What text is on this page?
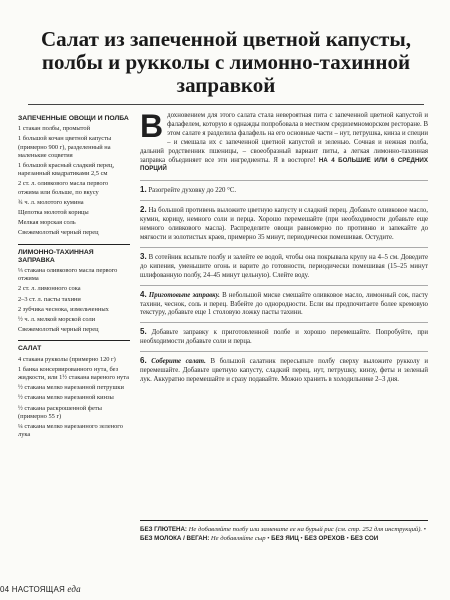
Салат из запеченной цветной капусты, полбы и рукколы с лимонно-тахинной заправкой
ЗАПЕЧЕННЫЕ ОВОЩИ И ПОЛБА
1 стакан полбы, промытой
1 большой кочан цветной капусты (примерно 900 г), разделенный на маленькие соцветия
1 большой красный сладкий перец, нарезанный квадратиками 2,5 см
2 ст. л. оливкового масла первого отжима или больше, по вкусу
¾ ч. л. молотого кумина
Щепотка молотой корицы
Мелкая морская соль
Свежемолотый черный перец
ЛИМОННО-ТАХИННАЯ ЗАПРАВКА
⅓ стакана оливкового масла первого отжима
2 ст. л. лимонного сока
2–3 ст. л. пасты тахини
2 зубчика чеснока, измельченных
½ ч. л. мелкой морской соли
Свежемолотый черный перец
САЛАТ
4 стакана рукколы (примерно 120 г)
1 банка консервированного нута, без жидкости, или 1½ стакана вареного нута
½ стакана мелко нарезанной петрушки
½ стакана мелко нарезанной кинзы
½ стакана раскрошенной феты (примерно 55 г)
¼ стакана мелко нарезанного зеленого лука
Вдохновением для этого салата стала невероятная пита с запеченной цветной капустой и фалафелем, которую я однажды попробовала в местном средиземноморском ресторане. В этом салате я разделила фалафель на его основные части – нут, петрушка, кинза и специи – и смешала их с запеченной цветной капустой и зеленью. Сочная и нежная полба, дальний родственник пшеницы, – своеобразный вариант питы, а легкая лимонно-тахинная заправка объединяет все эти ингредиенты. Я в восторге! НА 4 БОЛЬШИЕ ИЛИ 6 СРЕДНИХ ПОРЦИЙ
1. Разогрейте духовку до 220 °С.
2. На большой противень выложите цветную капусту и сладкий перец. Добавьте оливковое масло, кумин, корицу, немного соли и перца. Хорошо перемешайте (при необходимости добавьте еще немного оливкового масла). Распределите овощи равномерно по противню и запекайте до мягкости и золотистых краев, примерно 35 минут, периодически помешивая. Остудите.
3. В сотейник всыпьте полбу и залейте ее водой, чтобы она покрывала крупу на 4–5 см. Доведите до кипения, уменьшите огонь и варите до готовности, периодически помешивая (15–25 минут шлифованную полбу, 24–45 минут цельную). Слейте воду.
4. Приготовьте заправку. В небольшой миске смешайте оливковое масло, лимонный сок, пасту тахини, чеснок, соль и перец. Взбейте до однородности. Если вы предпочитаете более кремовую текстуру, добавьте еще 1 столовую ложку пасты тахини.
5. Добавьте заправку к приготовленной полбе и хорошо перемешайте. Попробуйте, при необходимости добавьте соли и перца.
6. Соберите салат. В большой салатник пересыпьте полбу сверху выложите рукколу и перемешайте. Добавьте цветную капусту, сладкий перец, нут, петрушку, кинзу, феты и зеленый лук. Аккуратно перемешайте и сразу подавайте. Можно хранить в холодильнике 2–3 дня.
БЕЗ ГЛЮТЕНА: Не добавляйте полбу или замените ее на бурый рис (см. стр. 252 для инструкций). • БЕЗ МОЛОКА / ВЕГАН: Не добавляйте сыр • БЕЗ ЯИЦ • БЕЗ ОРЕХОВ • БЕЗ СОИ
04 НАСТОЯЩАЯ еда
